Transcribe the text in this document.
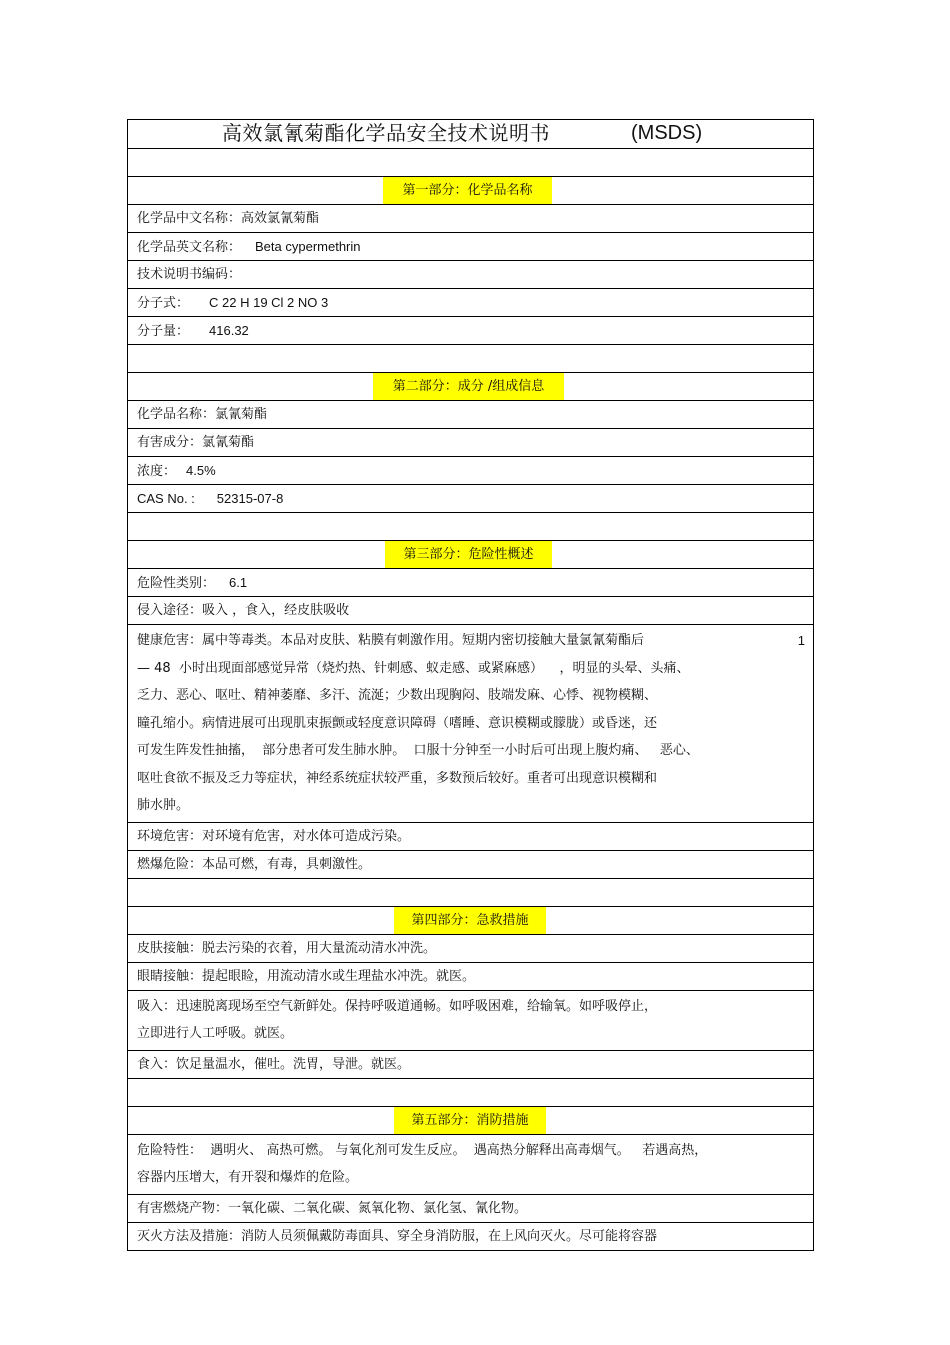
高效氯氰菊酯化学品安全技术说明书	(MSDS)
第一部分：化学品名称
化学品中文名称：高效氯氰菊酯
化学品英文名称： Beta cypermethrin
技术说明书编码：
分子式： C 22 H 19 Cl 2 NO 3
分子量： 416.32
第二部分：成分 /组成信息
化学品名称：氯氰菊酯
有害成分：氯氰菊酯
浓度： 4.5%
CAS No. : 52315-07-8
第三部分：危险性概述
危险性类别： 6.1
侵入途径：吸入 ，食入，经皮肤吸收
健康危害：属中等毒类。本品对皮肤、粘膜有刺激作用。短期内密切接触大量氯氰菊酯后	1
— 48  小时出现面部感觉异常（烧灼热、针刺感、蚁走感、或紧麻感）    ，明显的头晕、头痛、
乏力、恶心、呕吐、精神萎靡、多汗、流涎；少数出现胸闷、肢端发麻、心悸、视物模糊、
瞳孔缩小。病情进展可出现肌束振颤或轻度意识障碍（嗜睡、意识模糊或朦胧）或昏迷，还
可发生阵发性抽搐，  部分患者可发生肺水肿。  口服十分钟至一小时后可出现上腹灼痛、   恶心、
呕吐食欲不振及乏力等症状，神经系统症状较严重，多数预后较好。重者可出现意识模糊和
肺水肿。
环境危害：对环境有危害，对水体可造成污染。
燃爆危险：本品可燃，有毒，具刺激性。
第四部分：急救措施
皮肤接触：脱去污染的衣着，用大量流动清水冲洗。
眼睛接触：提起眼睑，用流动清水或生理盐水冲洗。就医。
吸入：迅速脱离现场至空气新鲜处。保持呼吸道通畅。如呼吸困难，给输氧。如呼吸停止，
立即进行人工呼吸。就医。
食入：饮足量温水，催吐。洗胃，导泄。就医。
第五部分：消防措施
危险特性：  遇明火、 高热可燃。 与氧化剂可发生反应。  遇高热分解释出高毒烟气。   若遇高热，
容器内压增大，有开裂和爆炸的危险。
有害燃烧产物：一氧化碳、二氧化碳、氮氧化物、氯化氢、氰化物。
灭火方法及措施：消防人员须佩戴防毒面具、穿全身消防服，在上风向灭火。尽可能将容器
